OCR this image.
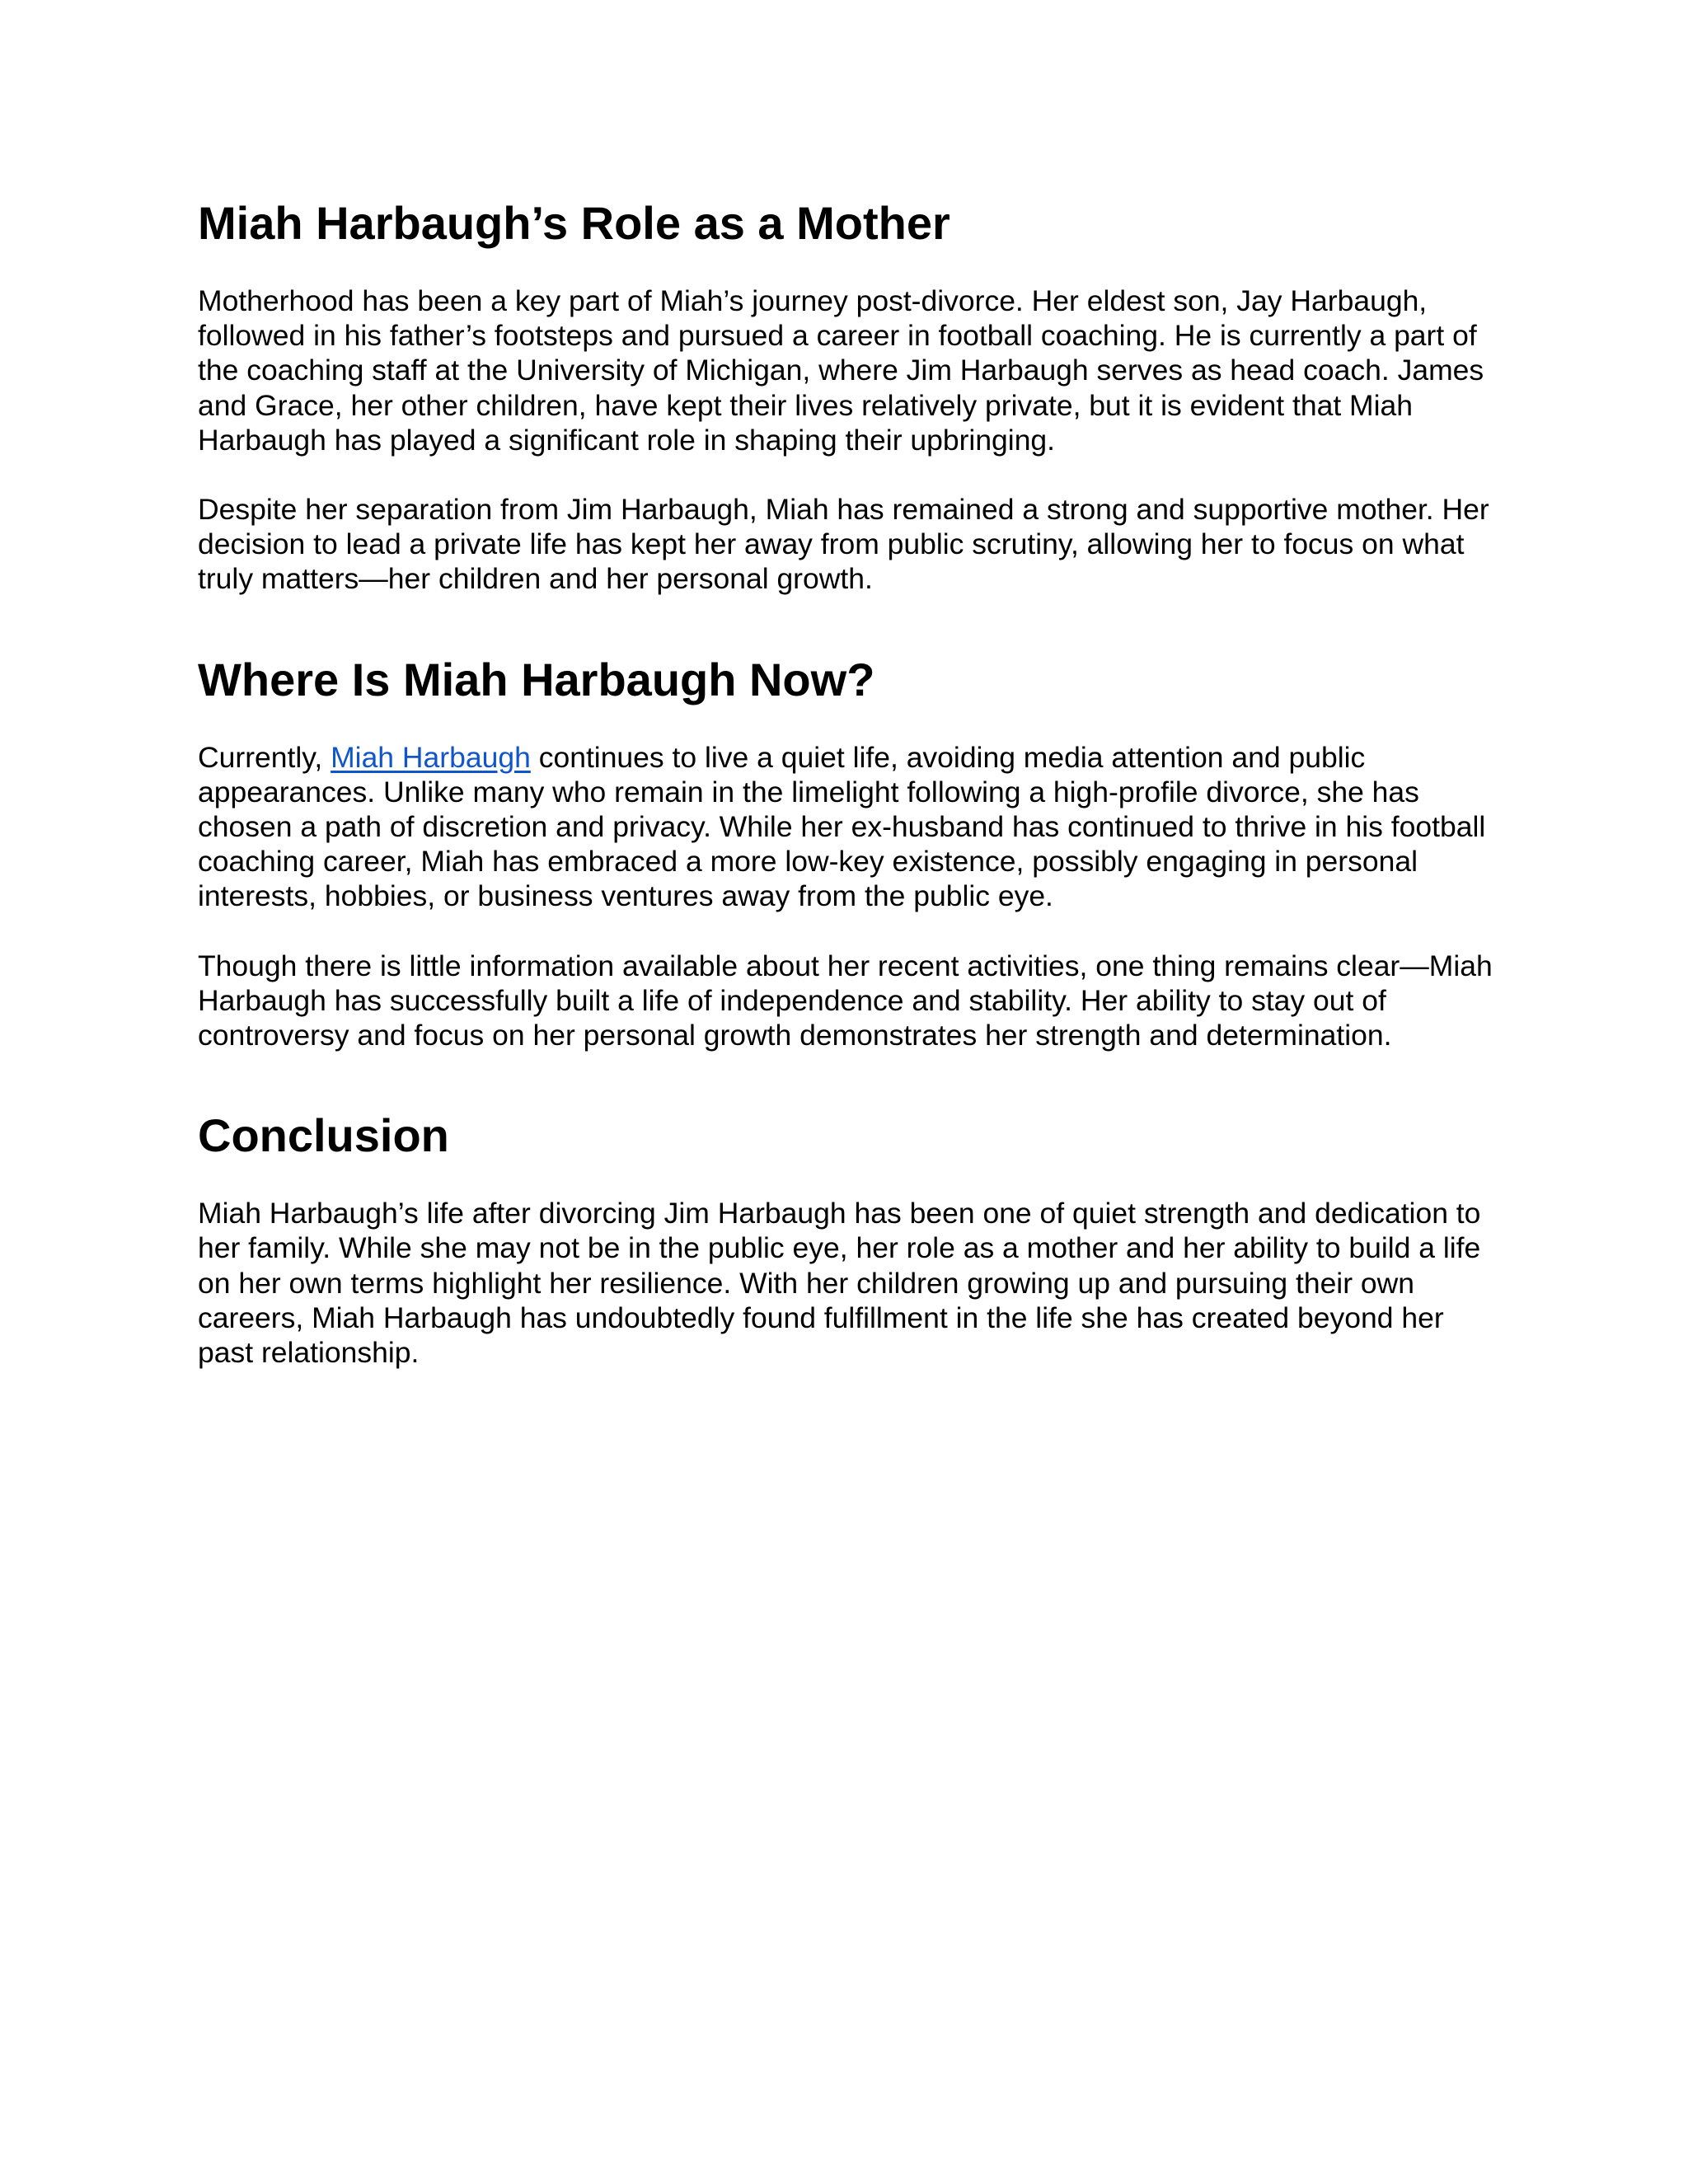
Miah Harbaugh’s Role as a Mother

Motherhood has been a key part of Miah’s journey post-divorce. Her eldest son, Jay Harbaugh, followed in his father’s footsteps and pursued a career in football coaching. He is currently a part of the coaching staff at the University of Michigan, where Jim Harbaugh serves as head coach. James and Grace, her other children, have kept their lives relatively private, but it is evident that Miah Harbaugh has played a significant role in shaping their upbringing.

Despite her separation from Jim Harbaugh, Miah has remained a strong and supportive mother. Her decision to lead a private life has kept her away from public scrutiny, allowing her to focus on what truly matters—her children and her personal growth.

Where Is Miah Harbaugh Now?

Currently, Miah Harbaugh continues to live a quiet life, avoiding media attention and public appearances. Unlike many who remain in the limelight following a high-profile divorce, she has chosen a path of discretion and privacy. While her ex-husband has continued to thrive in his football coaching career, Miah has embraced a more low-key existence, possibly engaging in personal interests, hobbies, or business ventures away from the public eye.

Though there is little information available about her recent activities, one thing remains clear—Miah Harbaugh has successfully built a life of independence and stability. Her ability to stay out of controversy and focus on her personal growth demonstrates her strength and determination.

Conclusion

Miah Harbaugh’s life after divorcing Jim Harbaugh has been one of quiet strength and dedication to her family. While she may not be in the public eye, her role as a mother and her ability to build a life on her own terms highlight her resilience. With her children growing up and pursuing their own careers, Miah Harbaugh has undoubtedly found fulfillment in the life she has created beyond her past relationship.
